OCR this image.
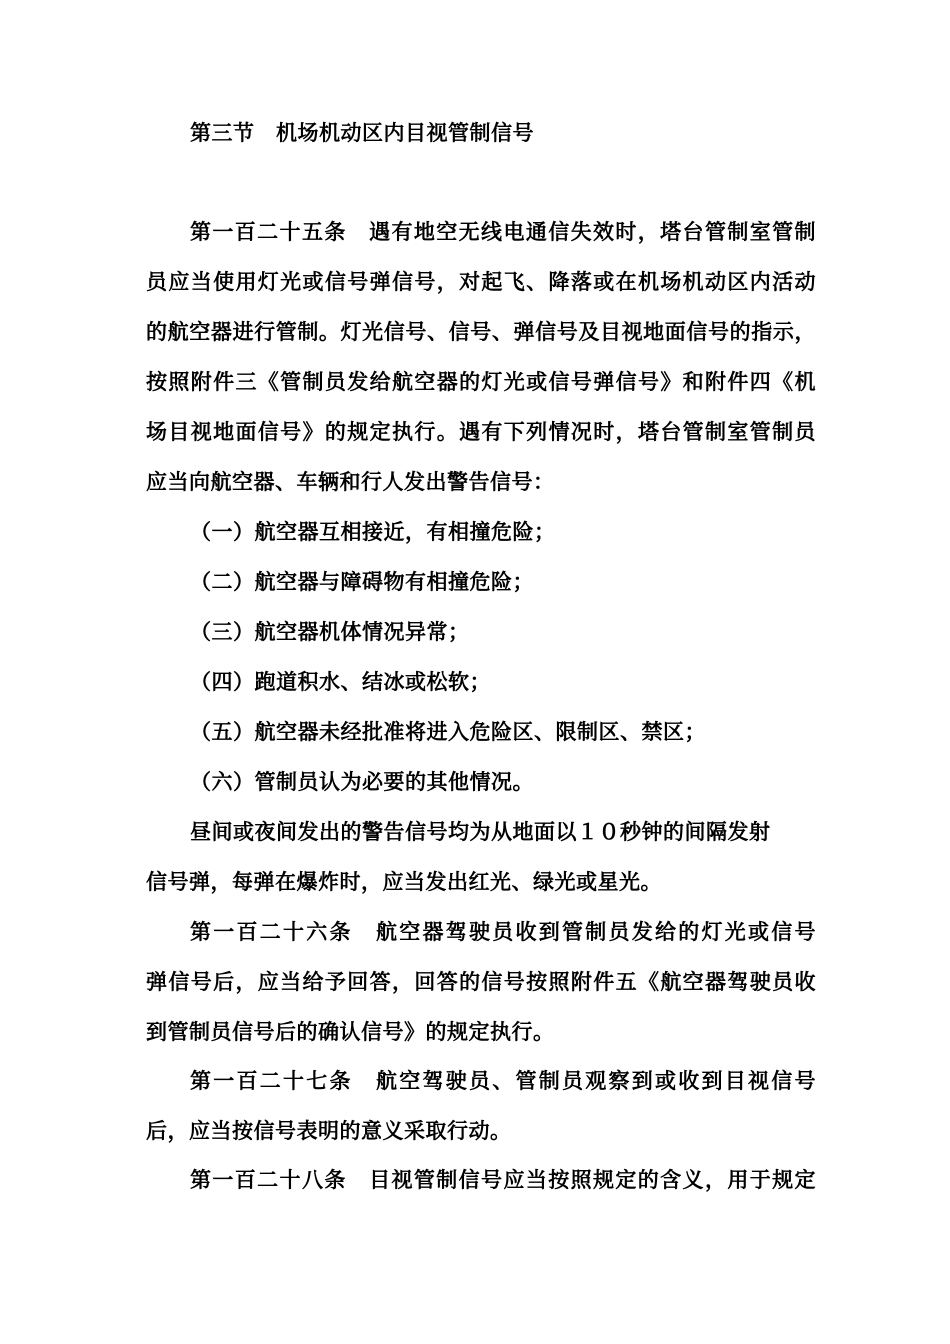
第三节　机场机动区内目视管制信号
第一百二十五条　遇有地空无线电通信失效时，塔台管制室管制
员应当使用灯光或信号弹信号，对起飞、降落或在机场机动区内活动
的航空器进行管制。灯光信号、信号、弹信号及目视地面信号的指示，
按照附件三《管制员发给航空器的灯光或信号弹信号》和附件四《机
场目视地面信号》的规定执行。遇有下列情况时，塔台管制室管制员
应当向航空器、车辆和行人发出警告信号：
（一）航空器互相接近，有相撞危险；
（二）航空器与障碍物有相撞危险；
（三）航空器机体情况异常；
（四）跑道积水、结冰或松软；
（五）航空器未经批准将进入危险区、限制区、禁区；
（六）管制员认为必要的其他情况。
昼间或夜间发出的警告信号均为从地面以１０秒钟的间隔发射
信号弹，每弹在爆炸时，应当发出红光、绿光或星光。
第一百二十六条　航空器驾驶员收到管制员发给的灯光或信号
弹信号后，应当给予回答，回答的信号按照附件五《航空器驾驶员收
到管制员信号后的确认信号》的规定执行。
第一百二十七条　航空驾驶员、管制员观察到或收到目视信号
后，应当按信号表明的意义采取行动。
第一百二十八条　目视管制信号应当按照规定的含义，用于规定
